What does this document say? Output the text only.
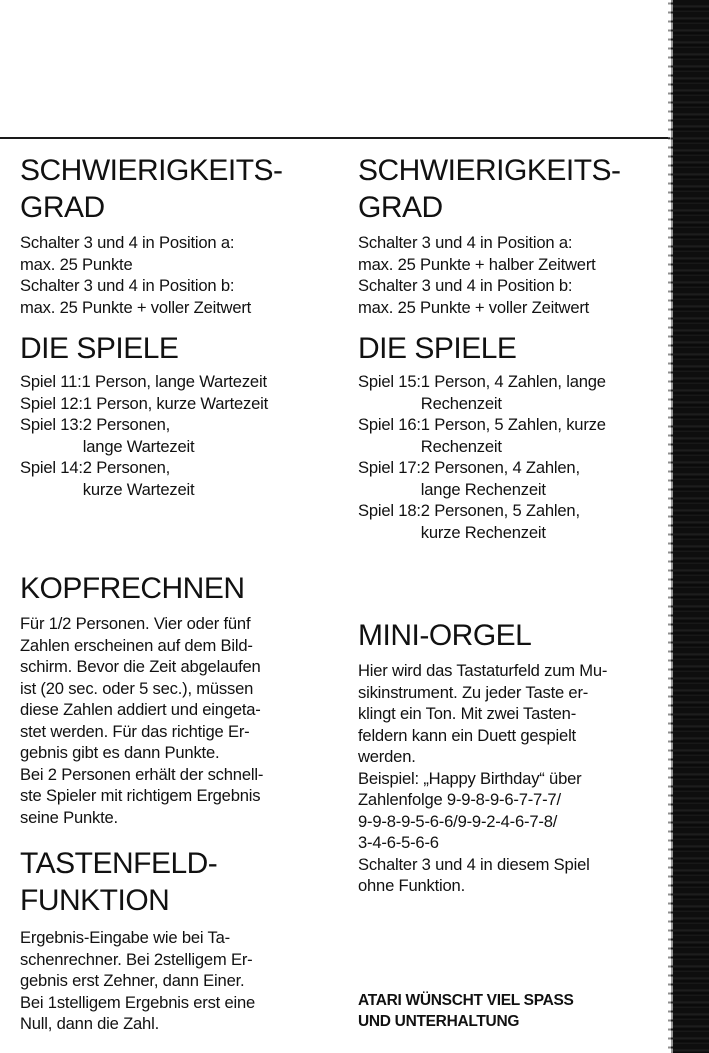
SCHWIERIGKEITS-
GRAD

Schalter 3 und 4 in Position a:

max. 25 Punkte

Schalter 3 und 4 in Position b:

max. 25 Punkte + voller Zeitwert

DIE SPIELE
Spiel 11: 1 Person, lange Wartezeit
Spiel 12: 1 Person, kurze Wartezeit
Spiel 13: 2 Personen,
lange Wartezeit
Spiel 14: 2 Personen,
kurze Wartezeit
KOPFRECHNEN

Für 1/2 Personen. Vier oder fünf

Zahlen erscheinen auf dem Bild-

schirm. Bevor die Zeit abgelaufen

ist (20 sec. oder 5 sec.), müssen

diese Zahlen addiert und eingeta-

stet werden. Für das richtige Er-

gebnis gibt es dann Punkte.

Bei 2 Personen erhält der schnell-

ste Spieler mit richtigem Ergebnis

seine Punkte.

TASTENFELD-
FUNKTION

Ergebnis-Eingabe wie bei Ta-

schenrechner. Bei 2stelligem Er-

gebnis erst Zehner, dann Einer.

Bei 1stelligem Ergebnis erst eine

Null, dann die Zahl.

SCHWIERIGKEITS-
GRAD

Schalter 3 und 4 in Position a:

max. 25 Punkte + halber Zeitwert

Schalter 3 und 4 in Position b:

max. 25 Punkte + voller Zeitwert

DIE SPIELE
Spiel 15: 1 Person, 4 Zahlen, lange
Rechenzeit
Spiel 16: 1 Person, 5 Zahlen, kurze
Rechenzeit
Spiel 17: 2 Personen, 4 Zahlen,
lange Rechenzeit
Spiel 18: 2 Personen, 5 Zahlen,
kurze Rechenzeit
MINI-ORGEL

Hier wird das Tastaturfeld zum Mu-

sikinstrument. Zu jeder Taste er-

klingt ein Ton. Mit zwei Tasten-

feldern kann ein Duett gespielt

werden.

Beispiel: „Happy Birthday“ über

Zahlenfolge 9-9-8-9-6-7-7-7/

9-9-8-9-5-6-6/9-9-2-4-6-7-8/

3-4-6-5-6-6

Schalter 3 und 4 in diesem Spiel

ohne Funktion.

ATARI WÜNSCHT VIEL SPASS

UND UNTERHALTUNG
